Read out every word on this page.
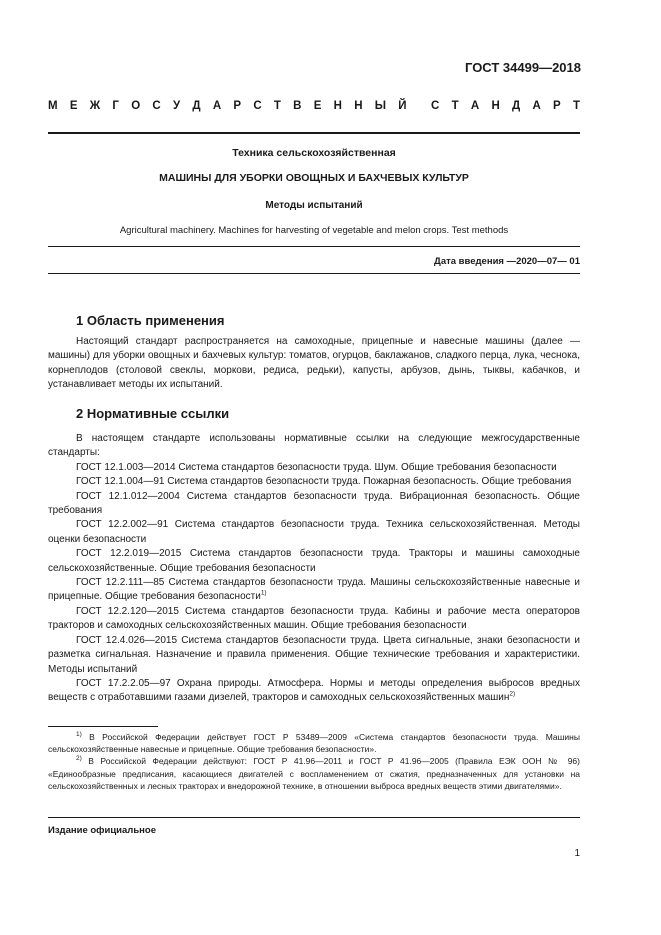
ГОСТ 34499—2018
М Е Ж Г О С У Д А Р С Т В Е Н Н Ы Й С Т А Н Д А Р Т
Техника сельскохозяйственная
МАШИНЫ ДЛЯ УБОРКИ ОВОЩНЫХ И БАХЧЕВЫХ КУЛЬТУР
Методы испытаний
Agricultural machinery. Machines for harvesting of vegetable and melon crops. Test methods
Дата введения —2020—07— 01
1 Область применения

Настоящий стандарт распространяется на самоходные, прицепные и навесные машины (далее — машины) для уборки овощных и бахчевых культур: томатов, огурцов, баклажанов, сладкого перца, лука, чеснока, корнеплодов (столовой свеклы, моркови, редиса, редьки), капусты, арбузов, дынь, тыквы, кабачков, и устанавливает методы их испытаний.

2 Нормативные ссылки

В настоящем стандарте использованы нормативные ссылки на следующие межгосударственные стандарты:

ГОСТ 12.1.003—2014 Система стандартов безопасности труда. Шум. Общие требования безопасности

ГОСТ 12.1.004—91 Система стандартов безопасности труда. Пожарная безопасность. Общие требования

ГОСТ 12.1.012—2004 Система стандартов безопасности труда. Вибрационная безопасность. Общие требования

ГОСТ 12.2.002—91 Система стандартов безопасности труда. Техника сельскохозяйственная. Методы оценки безопасности

ГОСТ 12.2.019—2015 Система стандартов безопасности труда. Тракторы и машины самоходные сельскохозяйственные. Общие требования безопасности

ГОСТ 12.2.111—85 Система стандартов безопасности труда. Машины сельскохозяйственные навесные и прицепные. Общие требования безопасности$^{1)}$

ГОСТ 12.2.120—2015 Система стандартов безопасности труда. Кабины и рабочие места операторов тракторов и самоходных сельскохозяйственных машин. Общие требования безопасности

ГОСТ 12.4.026—2015 Система стандартов безопасности труда. Цвета сигнальные, знаки безопасности и разметка сигнальная. Назначение и правила применения. Общие технические требования и характеристики. Методы испытаний

ГОСТ 17.2.2.05—97 Охрана природы. Атмосфера. Нормы и методы определения выбросов вредных веществ с отработавшими газами дизелей, тракторов и самоходных сельскохозяйственных машин$^{2)}$

$^{1)}$ В Российской Федерации действует ГОСТ Р 53489—2009 «Система стандартов безопасности труда. Машины сельскохозяйственные навесные и прицепные. Общие требования безопасности».

$^{2)}$ В Российской Федерации действуют: ГОСТ Р 41.96—2011 и ГОСТ Р 41.96—2005 (Правила ЕЭК ООН № 96) «Единообразные предписания, касающиеся двигателей с воспламенением от сжатия, предназначенных для установки на сельскохозяйственных и лесных тракторах и внедорожной технике, в отношении выброса вредных веществ этими двигателями».

Издание официальное
1
